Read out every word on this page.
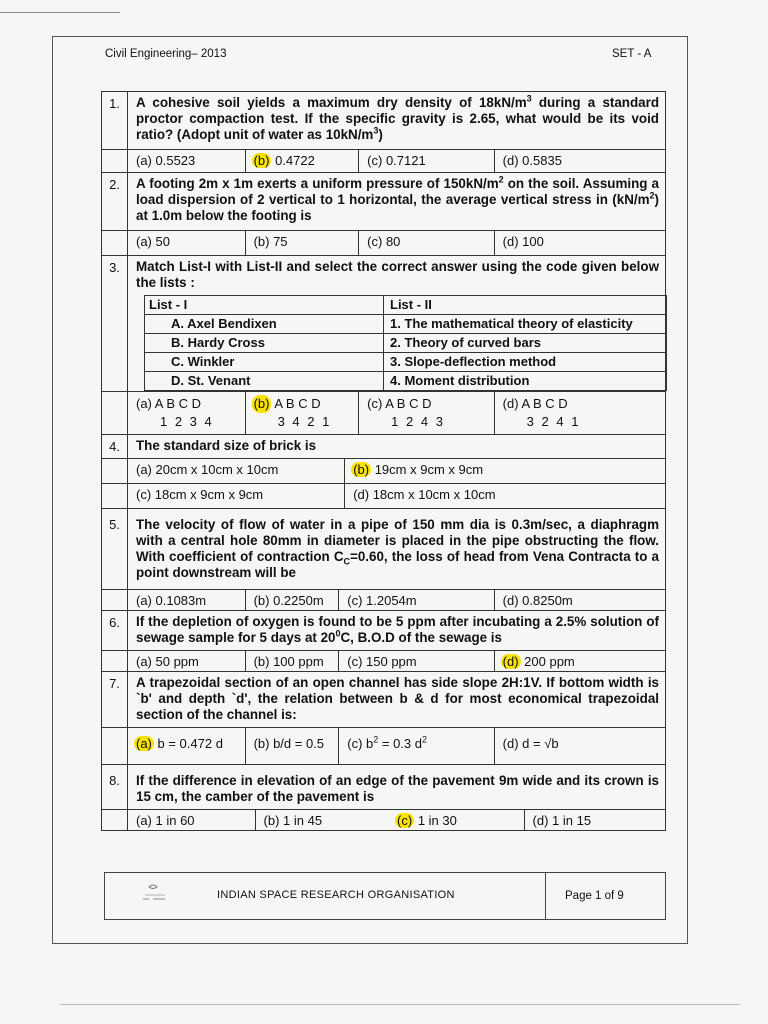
Civil Engineering– 2013	SET - A
1.	A cohesive soil yields a maximum dry density of $18kN/m^3$ during a standard proctor compaction test. If the specific gravity is 2.65, what would be its void ratio? (Adopt unit of water as $10kN/m^3$)

(a) 0.5523	(b) 0.4722	(c) 0.7121	(d) 0.5835

2.	A footing 2m x 1m exerts a uniform pressure of $150kN/m^2$ on the soil. Assuming a load dispersion of 2 vertical to 1 horizontal, the average vertical stress in $(kN/m^2)$ at 1.0m below the footing is

(a) 50	(b) 75	(c) 80	(d) 100

3.	Match List-I with List-II and select the correct answer using the code given below the lists :
List - I	List - II
A. Axel Bendixen	1. The mathematical theory of elasticity
B. Hardy Cross	2. Theory of curved bars
C. Winkler	3. Slope-deflection method
D. St. Venant	4. Moment distribution

(a) A B C D
1 2 3 4
(b) A B C D
3 4 2 1
(c) A B C D
1 2 4 3
(d) A B C D
3 2 4 1

4.	The standard size of brick is

(a) 20cm x 10cm x 10cm	(b) 19cm x 9cm x 9cm

(c) 18cm x 9cm x 9cm	(d) 18cm x 10cm x 10cm

5.	The velocity of flow of water in a pipe of 150 mm dia is 0.3m/sec, a diaphragm with a central hole 80mm in diameter is placed in the pipe obstructing the flow. With coefficient of contraction $C_C=0.60$, the loss of head from Vena Contracta to a point downstream will be

(a) 0.1083m	(b) 0.2250m	(c) 1.2054m	(d) 0.8250m

6.	If the depletion of oxygen is found to be 5 ppm after incubating a 2.5% solution of sewage sample for 5 days at $20^0C$, B.O.D of the sewage is

(a) 50 ppm	(b) 100 ppm	(c) 150 ppm	(d) 200 ppm

7.	A trapezoidal section of an open channel has side slope 2H:1V. If bottom width is `b' and depth `d', the relation between b & d for most economical trapezoidal section of the channel is:

(a) b = 0.472 d	(b) b/d = 0.5	(c) $b^2 = 0.3$ $d^2$	(d) d = √b

8.	If the difference in elevation of an edge of the pavement 9m wide and its crown is 15 cm, the camber of the pavement is

(a) 1 in 60	(b) 1 in 45	(c) 1 in 30	(d) 1 in 15
INDIAN SPACE RESEARCH ORGANISATION	Page 1 of 9
